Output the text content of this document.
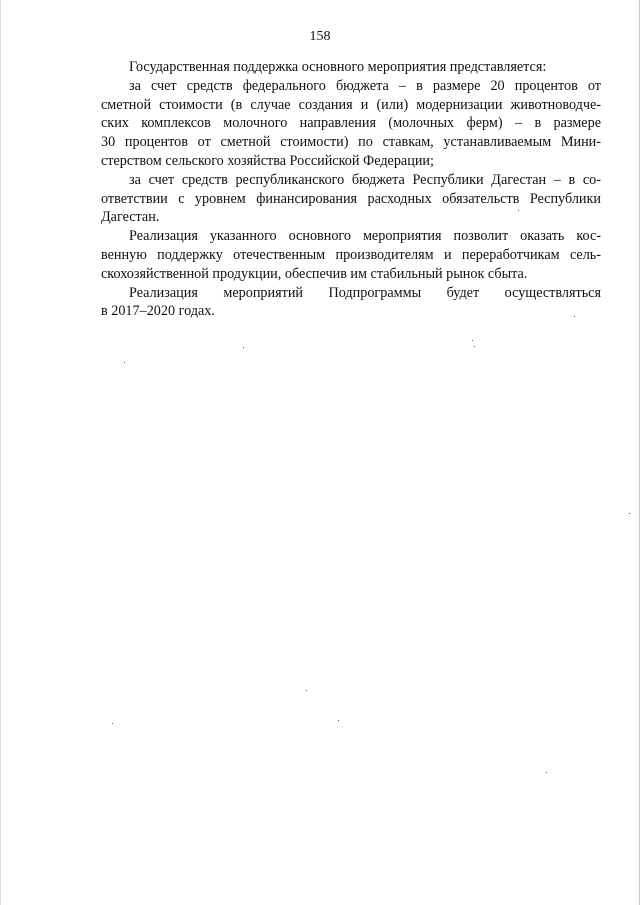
158
Государственная поддержка основного мероприятия представляется:
за счет средств федерального бюджета – в размере 20 процентов от
сметной стоимости (в случае создания и (или) модернизации животноводче-
ских комплексов молочного направления (молочных ферм) – в размере
30 процентов от сметной стоимости) по ставкам, устанавливаемым Мини-
стерством сельского хозяйства Российской Федерации;
за счет средств республиканского бюджета Республики Дагестан – в со-
ответствии с уровнем финансирования расходных обязательств Республики
Дагестан.
Реализация указанного основного мероприятия позволит оказать кос-
венную поддержку отечественным производителям и переработчикам сель-
скохозяйственной продукции, обеспечив им стабильный рынок сбыта.
Реализация мероприятий Подпрограммы будет осуществляться
в 2017–2020 годах.
